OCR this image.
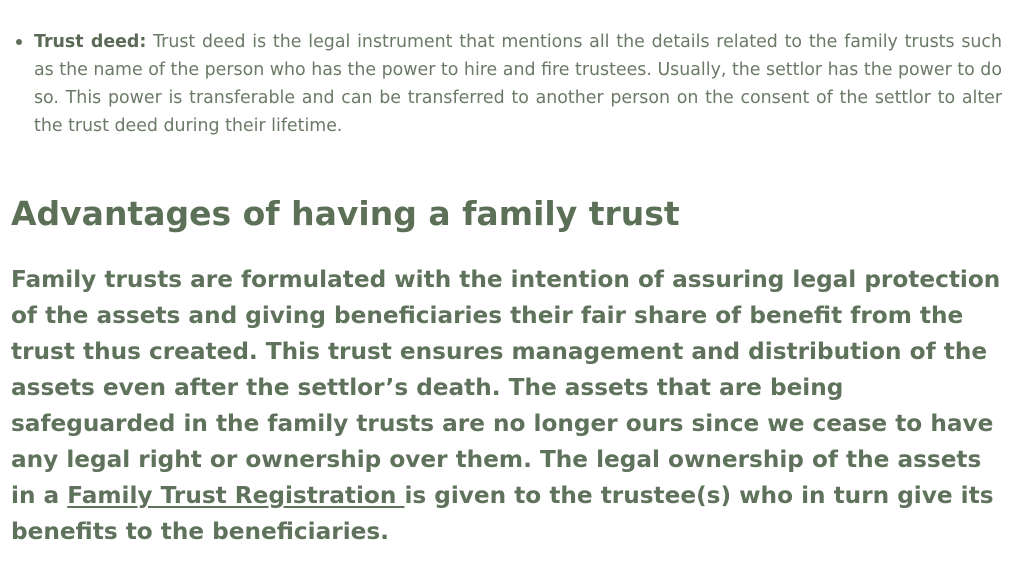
Trust deed: Trust deed is the legal instrument that mentions all the details related to the family trusts such as the name of the person who has the power to hire and fire trustees. Usually, the settlor has the power to do so. This power is transferable and can be transferred to another person on the consent of the settlor to alter the trust deed during their lifetime.
Advantages of having a family trust

Family trusts are formulated with the intention of assuring legal protection of the assets and giving beneficiaries their fair share of benefit from the trust thus created. This trust ensures management and distribution of the assets even after the settlor’s death. The assets that are being safeguarded in the family trusts are no longer ours since we cease to have any legal right or ownership over them. The legal ownership of the assets in a Family Trust Registration is given to the trustee(s) who in turn give its benefits to the beneficiaries.
